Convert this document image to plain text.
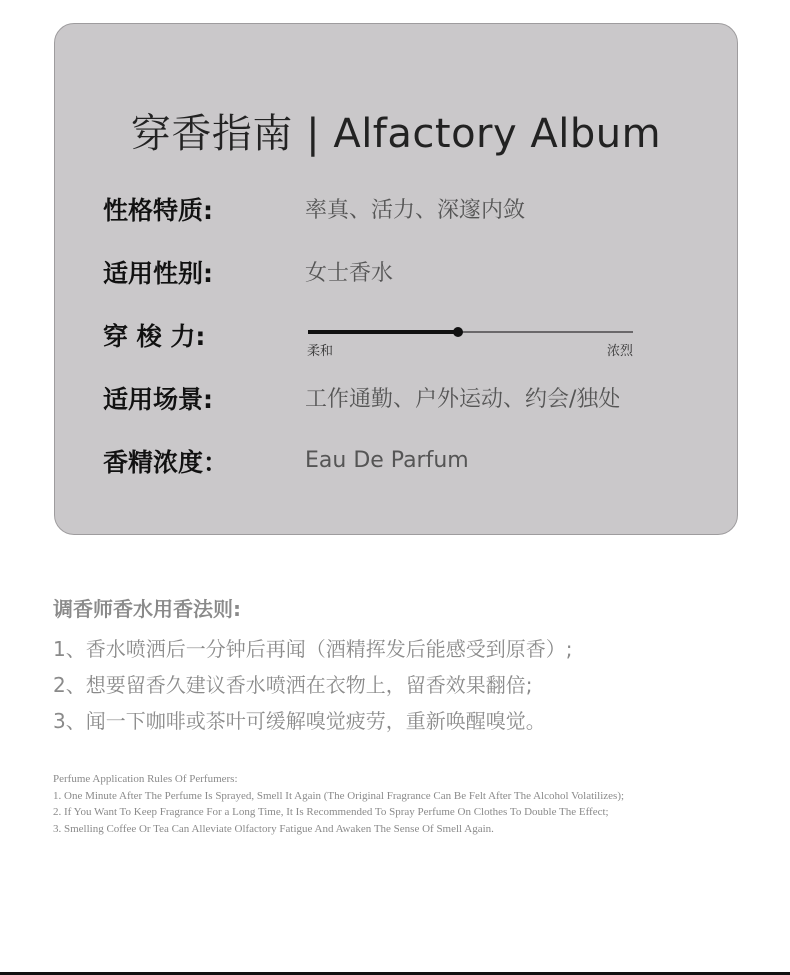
穿香指南 | Alfactory Album
性格特质:	率真、活力、深邃内敛
适用性别:	女士香水
穿 梭 力:
柔和	浓烈
适用场景:	工作通勤、户外运动、约会/独处
香精浓度：	Eau De Parfum
调香师香水用香法则:
1、香水喷洒后一分钟后再闻（酒精挥发后能感受到原香）;
2、想要留香久建议香水喷洒在衣物上，留香效果翻倍;
3、闻一下咖啡或茶叶可缓解嗅觉疲劳，重新唤醒嗅觉。
Perfume Application Rules Of Perfumers:
1. One Minute After The Perfume Is Sprayed, Smell It Again (The Original Fragrance Can Be Felt After The Alcohol Volatilizes);
2. If You Want To Keep Fragrance For a Long Time, It Is Recommended To Spray Perfume On Clothes To Double The Effect;
3. Smelling Coffee Or Tea Can Alleviate Olfactory Fatigue And Awaken The Sense Of Smell Again.
